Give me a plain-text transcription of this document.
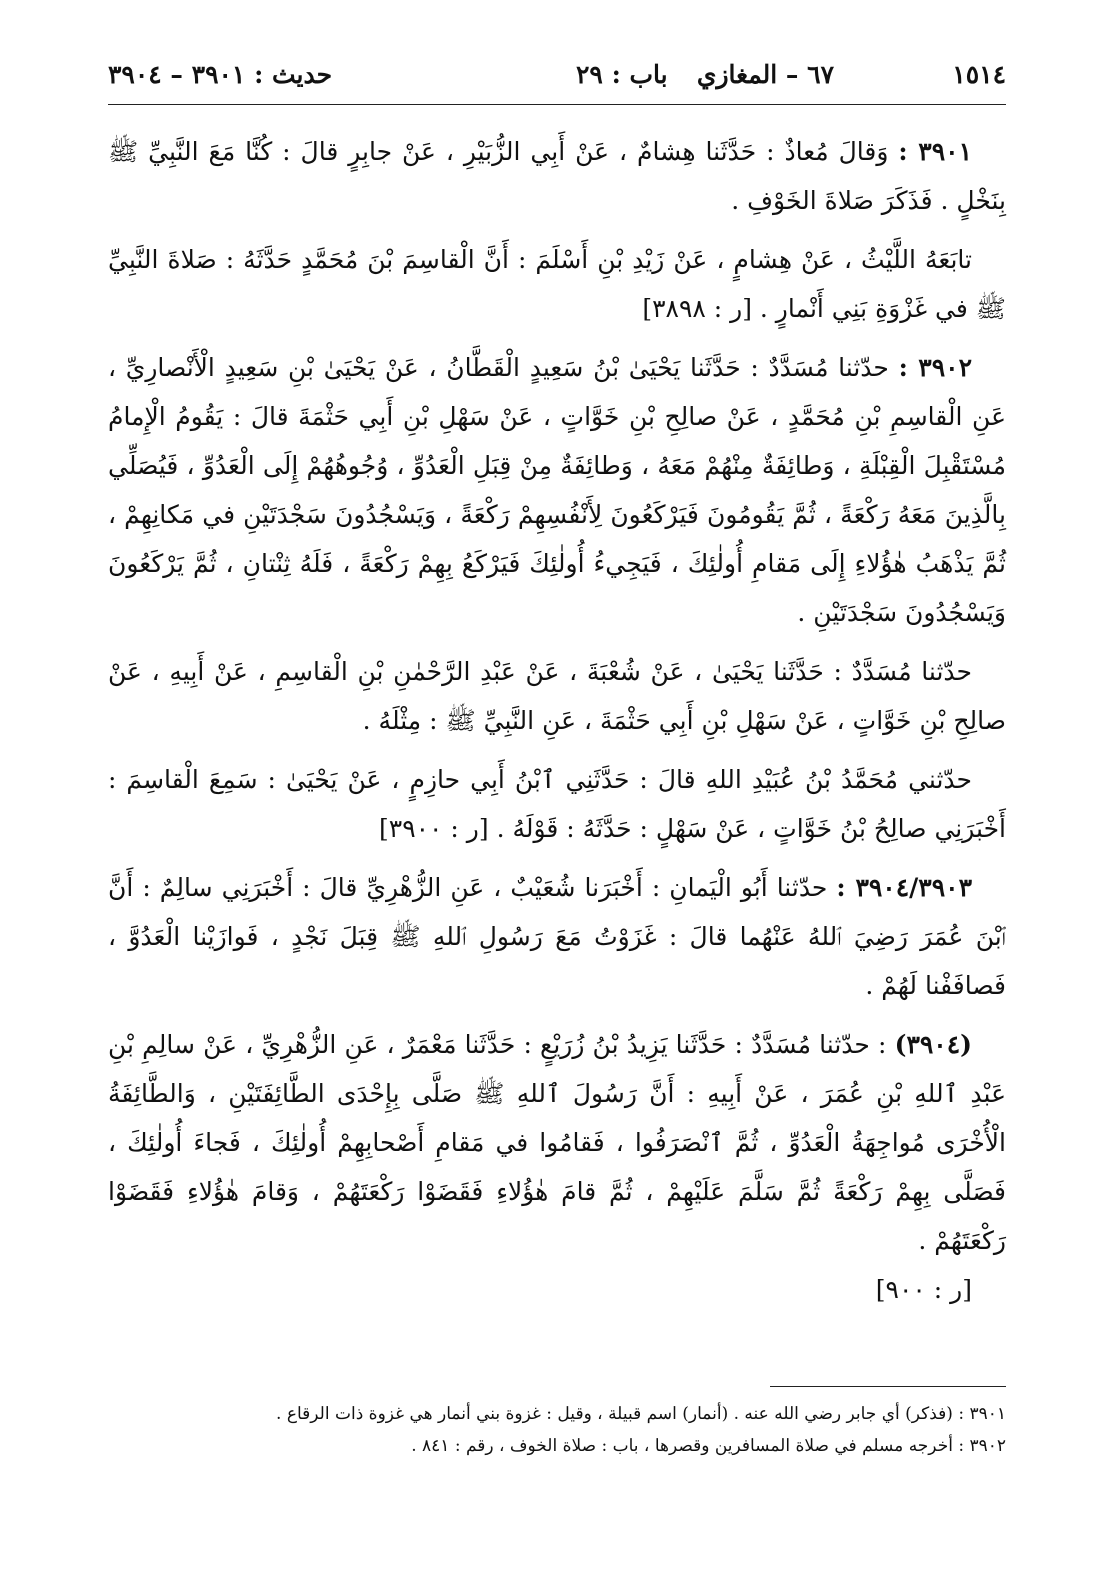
١٥١٤
٦٧ – المغازي
باب : ٢٩
حديث : ٣٩٠١ – ٣٩٠٤

٣٩٠١ : وَقالَ مُعاذٌ : حَدَّثَنا هِشامٌ ، عَنْ أَبِي الزُّبَيْرِ ، عَنْ جابِرٍ قالَ : كُنَّا مَعَ النَّبِيِّ ﷺ بِنَخْلٍ . فَذَكَرَ صَلاةَ الخَوْفِ .

تابَعَهُ اللَّيْثُ ، عَنْ هِشامٍ ، عَنْ زَيْدِ بْنِ أَسْلَمَ : أَنَّ الْقاسِمَ بْنَ مُحَمَّدٍ حَدَّثَهُ : صَلاةَ النَّبِيِّ ﷺ في غَزْوَةِ بَنِي أَنْمارٍ . [ر : ٣٨٩٨]

٣٩٠٢ : حدّثنا مُسَدَّدٌ : حَدَّثَنا يَحْيَىٰ بْنُ سَعِيدٍ الْقَطَّانُ ، عَنْ يَحْيَىٰ بْنِ سَعِيدٍ الْأَنْصارِيِّ ، عَنِ الْقاسِمِ بْنِ مُحَمَّدٍ ، عَنْ صالِحِ بْنِ خَوَّاتٍ ، عَنْ سَهْلِ بْنِ أَبِي حَثْمَةَ قالَ : يَقُومُ الْإِمامُ مُسْتَقْبِلَ الْقِبْلَةِ ، وَطائِفَةٌ مِنْهُمْ مَعَهُ ، وَطائِفَةٌ مِنْ قِبَلِ الْعَدُوِّ ، وُجُوهُهُمْ إِلَى الْعَدُوِّ ، فَيُصَلِّي بِالَّذِينَ مَعَهُ رَكْعَةً ، ثُمَّ يَقُومُونَ فَيَرْكَعُونَ لِأَنْفُسِهِمْ رَكْعَةً ، وَيَسْجُدُونَ سَجْدَتَيْنِ في مَكانِهِمْ ، ثُمَّ يَذْهَبُ هٰؤُلاءِ إِلَى مَقامِ أُولٰئِكَ ، فَيَجِيءُ أُولٰئِكَ فَيَرْكَعُ بِهِمْ رَكْعَةً ، فَلَهُ ثِنْتانِ ، ثُمَّ يَرْكَعُونَ وَيَسْجُدُونَ سَجْدَتَيْنِ .

حدّثنا مُسَدَّدٌ : حَدَّثَنا يَحْيَىٰ ، عَنْ شُعْبَةَ ، عَنْ عَبْدِ الرَّحْمٰنِ بْنِ الْقاسِمِ ، عَنْ أَبِيهِ ، عَنْ صالِحِ بْنِ خَوَّاتٍ ، عَنْ سَهْلِ بْنِ أَبِي حَثْمَةَ ، عَنِ النَّبِيِّ ﷺ : مِثْلَهُ .

حدّثني مُحَمَّدُ بْنُ عُبَيْدِ اللهِ قالَ : حَدَّثَنِي ٱبْنُ أَبِي حازِمٍ ، عَنْ يَحْيَىٰ : سَمِعَ الْقاسِمَ : أَخْبَرَنِي صالِحُ بْنُ خَوَّاتٍ ، عَنْ سَهْلٍ : حَدَّثَهُ : قَوْلَهُ . [ر : ٣٩٠٠]

٣٩٠٤/٣٩٠٣ : حدّثنا أَبُو الْيَمانِ : أَخْبَرَنا شُعَيْبٌ ، عَنِ الزُّهْرِيِّ قالَ : أَخْبَرَنِي سالِمٌ : أَنَّ ٱبْنَ عُمَرَ رَضِيَ ٱللهُ عَنْهُما قالَ : غَزَوْتُ مَعَ رَسُولِ ٱللهِ ﷺ قِبَلَ نَجْدٍ ، فَوازَيْنا الْعَدُوَّ ، فَصافَفْنا لَهُمْ .

(٣٩٠٤) : حدّثنا مُسَدَّدٌ : حَدَّثَنا يَزِيدُ بْنُ زُرَيْعٍ : حَدَّثَنا مَعْمَرٌ ، عَنِ الزُّهْرِيِّ ، عَنْ سالِمِ بْنِ عَبْدِ ٱللهِ بْنِ عُمَرَ ، عَنْ أَبِيهِ : أَنَّ رَسُولَ ٱللهِ ﷺ صَلَّى بِإِحْدَى الطَّائِفَتَيْنِ ، وَالطَّائِفَةُ الْأُخْرَى مُواجِهَةُ الْعَدُوِّ ، ثُمَّ ٱنْصَرَفُوا ، فَقامُوا في مَقامِ أَصْحابِهِمْ أُولٰئِكَ ، فَجاءَ أُولٰئِكَ ، فَصَلَّى بِهِمْ رَكْعَةً ثُمَّ سَلَّمَ عَلَيْهِمْ ، ثُمَّ قامَ هٰؤُلاءِ فَقَضَوْا رَكْعَتَهُمْ ، وَقامَ هٰؤُلاءِ فَقَضَوْا رَكْعَتَهُمْ .
[ر : ٩٠٠]

٣٩٠١ : (فذكر) أي جابر رضي الله عنه . (أنمار) اسم قبيلة ، وقيل : غزوة بني أنمار هي غزوة ذات الرقاع .
٣٩٠٢ : أخرجه مسلم في صلاة المسافرين وقصرها ، باب : صلاة الخوف ، رقم : ٨٤١ .
